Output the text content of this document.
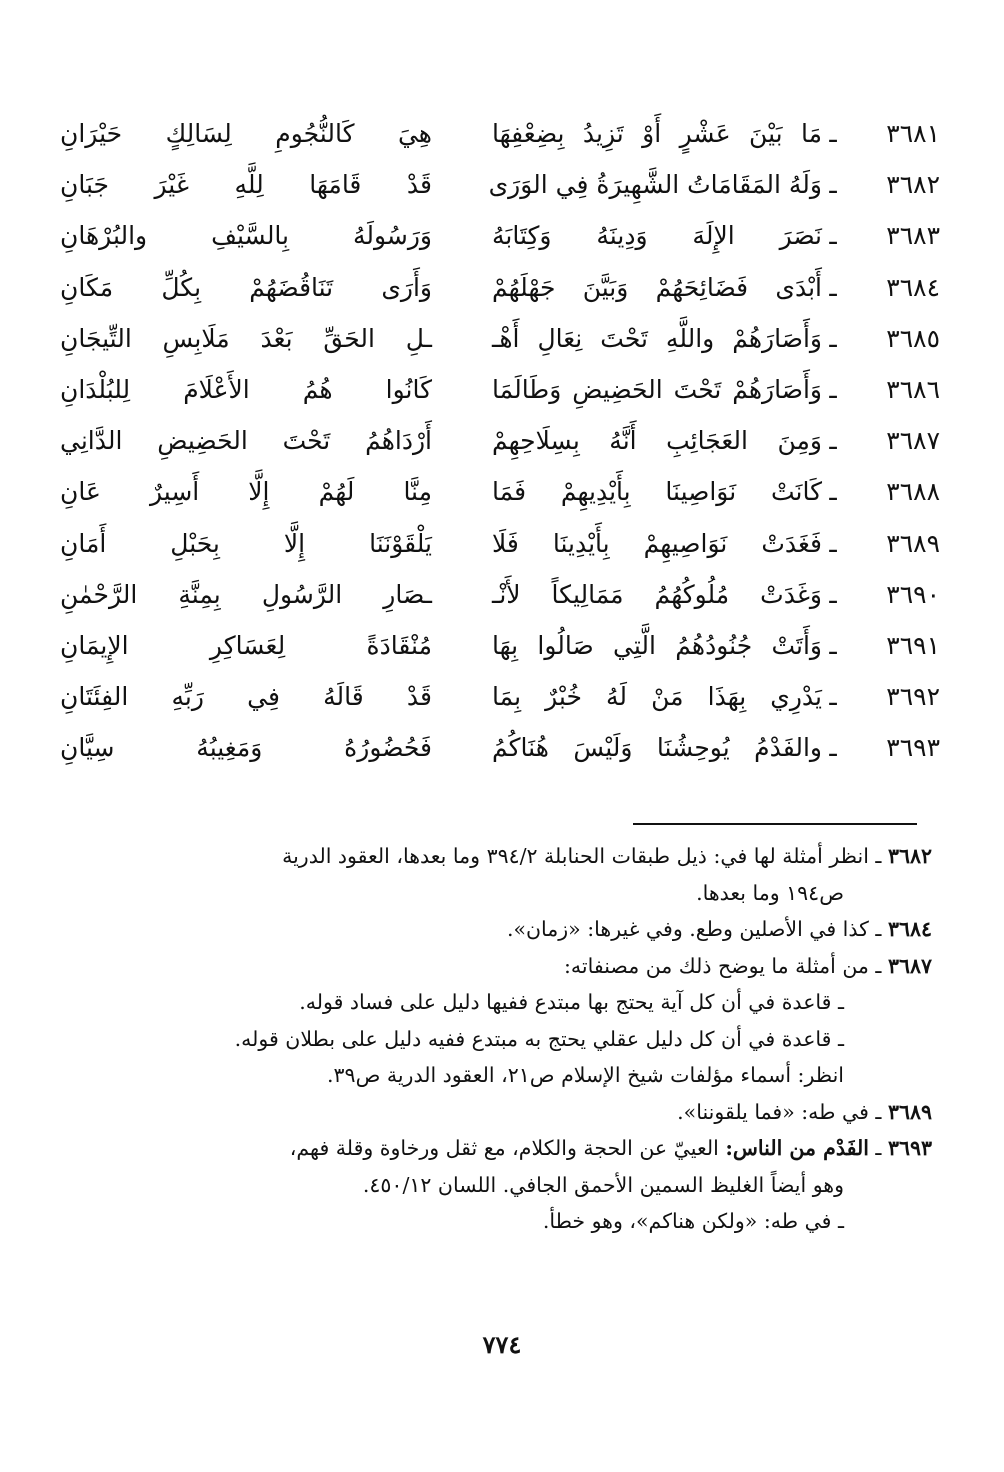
٣٦٨١
ـ
مَا بَيْنَ عَشْرٍ أَوْ تَزِيدُ بِضِعْفِهَا
هِيَ كَالنُّجُومِ لِسَالِكٍ حَيْرَانِ
٣٦٨٢
ـ
وَلَهُ المَقَامَاتُ الشَّهِيرَةُ فِي الوَرَى
قَدْ قَامَهَا لِلَّهِ غَيْرَ جَبَانِ
٣٦٨٣
ـ
نَصَرَ الإِلَهَ وَدِينَهُ وَكِتَابَهُ
وَرَسُولَهُ بِالسَّيْفِ والبُرْهَانِ
٣٦٨٤
ـ
أَبْدَى فَضَائِحَهُمْ وَبَيَّنَ جَهْلَهُمْ
وَأَرَى تَنَاقُضَهُمْ بِكُلِّ مَكَانِ
٣٦٨٥
ـ
وَأَصَارَهُمْ واللَّهِ تَحْتَ نِعَالِ أَهْـ
ـلِ الحَقِّ بَعْدَ مَلَابِسِ التِّيجَانِ
٣٦٨٦
ـ
وَأَصَارَهُمْ تَحْتَ الحَضِيضِ وَطَالَمَا
كَانُوا هُمُ الأَعْلَامَ لِلبُلْدَانِ
٣٦٨٧
ـ
وَمِنَ العَجَائِبِ أَنَّهُ بِسِلَاحِهِمْ
أَرْدَاهُمُ تَحْتَ الحَضِيضِ الدَّانِي
٣٦٨٨
ـ
كَانَتْ نَوَاصِينَا بِأَيْدِيهِمْ فَمَا
مِنَّا لَهُمْ إِلَّا أَسِيرٌ عَانِ
٣٦٨٩
ـ
فَغَدَتْ نَوَاصِيهِمْ بِأَيْدِينَا فَلَا
يَلْقَوْنَنَا إِلَّا بِحَبْلِ أَمَانِ
٣٦٩٠
ـ
وَغَدَتْ مُلُوكُهُمُ مَمَالِيكاً لأَنْـ
ـصَارِ الرَّسُولِ بِمِنَّةِ الرَّحْمٰنِ
٣٦٩١
ـ
وَأَتَتْ جُنُودُهُمُ الَّتِي صَالُوا بِهَا
مُنْقَادَةً لِعَسَاكِرِ الإِيمَانِ
٣٦٩٢
ـ
يَدْرِي بِهَذَا مَنْ لَهُ خُبْرٌ بِمَا
قَدْ قَالَهُ فِي رَبِّهِ الفِئَتَانِ
٣٦٩٣
ـ
والفَدْمُ يُوحِشُنَا وَلَيْسَ هُنَاكُمُ
فَحُضُورُهُ وَمَغِيبُهُ سِيَّانِ
٣٦٨٢
ـ
انظر أمثلة لها في: ذيل طبقات الحنابلة ٣٩٤/٢ وما بعدها، العقود الدرية
ص١٩٤ وما بعدها.
٣٦٨٤
ـ
كذا في الأصلين وطع. وفي غيرها: «زمان».
٣٦٨٧
ـ
من أمثلة ما يوضح ذلك من مصنفاته:
ـ قاعدة في أن كل آية يحتج بها مبتدع ففيها دليل على فساد قوله.
ـ قاعدة في أن كل دليل عقلي يحتج به مبتدع ففيه دليل على بطلان قوله.
انظر: أسماء مؤلفات شيخ الإسلام ص٢١، العقود الدرية ص٣٩.
٣٦٨٩
ـ
في طه: «فما يلقوننا».
٣٦٩٣
ـ
الفَدْم من الناس:

العييّ عن الحجة والكلام، مع ثقل ورخاوة وقلة فهم،
وهو أيضاً الغليظ السمين الأحمق الجافي. اللسان ٤٥٠/١٢.
ـ في طه: «ولكن هناكم»، وهو خطأ.
٧٧٤
